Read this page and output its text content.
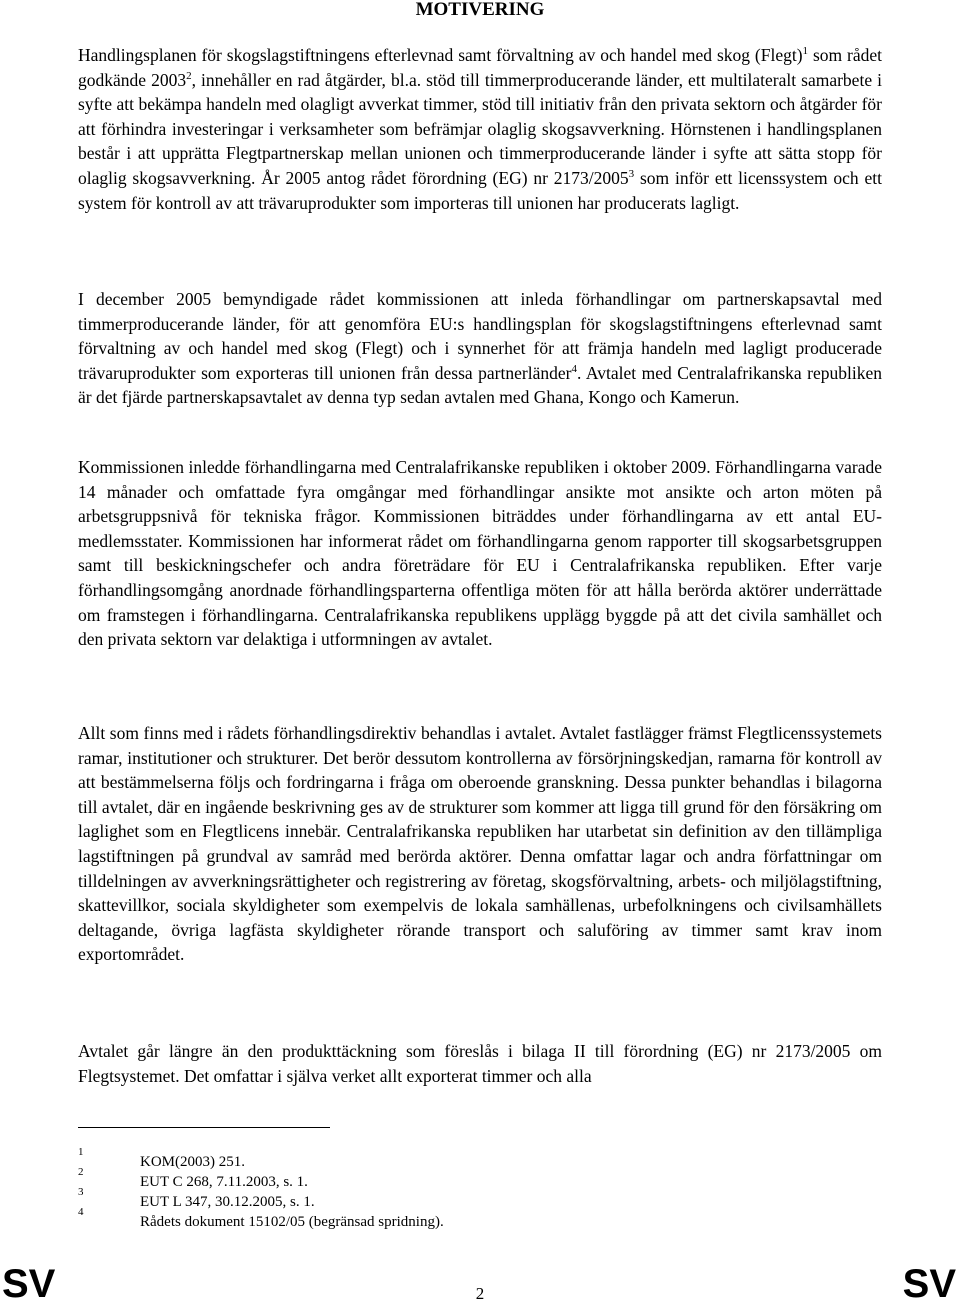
MOTIVERING

Handlingsplanen för skogslagstiftningens efterlevnad samt förvaltning av och handel med skog (Flegt)$^1$ som rådet godkände 2003$^2$, innehåller en rad åtgärder, bl.a. stöd till timmerproducerande länder, ett multilateralt samarbete i syfte att bekämpa handeln med olagligt avverkat timmer, stöd till initiativ från den privata sektorn och åtgärder för att förhindra investeringar i verksamheter som befrämjar olaglig skogsavverkning. Hörnstenen i handlingsplanen består i att upprätta Flegtpartnerskap mellan unionen och timmerproducerande länder i syfte att sätta stopp för olaglig skogsavverkning. År 2005 antog rådet förordning (EG) nr 2173/2005$^3$ som inför ett licenssystem och ett system för kontroll av att trävaruprodukter som importeras till unionen har producerats lagligt.

I december 2005 bemyndigade rådet kommissionen att inleda förhandlingar om partnerskapsavtal med timmerproducerande länder, för att genomföra EU:s handlingsplan för skogslagstiftningens efterlevnad samt förvaltning av och handel med skog (Flegt) och i synnerhet för att främja handeln med lagligt producerade trävaruprodukter som exporteras till unionen från dessa partnerländer$^4$. Avtalet med Centralafrikanska republiken är det fjärde partnerskapsavtalet av denna typ sedan avtalen med Ghana, Kongo och Kamerun.

Kommissionen inledde förhandlingarna med Centralafrikanske republiken i oktober 2009. Förhandlingarna varade 14 månader och omfattade fyra omgångar med förhandlingar ansikte mot ansikte och arton möten på arbetsgruppsnivå för tekniska frågor. Kommissionen biträddes under förhandlingarna av ett antal EU-medlemsstater. Kommissionen har informerat rådet om förhandlingarna genom rapporter till skogsarbetsgruppen samt till beskickningschefer och andra företrädare för EU i Centralafrikanska republiken. Efter varje förhandlingsomgång anordnade förhandlingsparterna offentliga möten för att hålla berörda aktörer underrättade om framstegen i förhandlingarna. Centralafrikanska republikens upplägg byggde på att det civila samhället och den privata sektorn var delaktiga i utformningen av avtalet.

Allt som finns med i rådets förhandlingsdirektiv behandlas i avtalet. Avtalet fastlägger främst Flegtlicenssystemets ramar, institutioner och strukturer. Det berör dessutom kontrollerna av försörjningskedjan, ramarna för kontroll av att bestämmelserna följs och fordringarna i fråga om oberoende granskning. Dessa punkter behandlas i bilagorna till avtalet, där en ingående beskrivning ges av de strukturer som kommer att ligga till grund för den försäkring om laglighet som en Flegtlicens innebär. Centralafrikanska republiken har utarbetat sin definition av den tillämpliga lagstiftningen på grundval av samråd med berörda aktörer. Denna omfattar lagar och andra författningar om tilldelningen av avverkningsrättigheter och registrering av företag, skogsförvaltning, arbets- och miljölagstiftning, skattevillkor, sociala skyldigheter som exempelvis de lokala samhällenas, urbefolkningens och civilsamhällets deltagande, övriga lagfästa skyldigheter rörande transport och saluföring av timmer samt krav inom exportområdet.

Avtalet går längre än den produkttäckning som föreslås i bilaga II till förordning (EG) nr 2173/2005 om Flegtsystemet. Det omfattar i själva verket allt exporterat timmer och alla

1
KOM(2003) 251.
2
EUT C 268, 7.11.2003, s. 1.
3
EUT L 347, 30.12.2005, s. 1.
4
Rådets dokument 15102/05 (begränsad spridning).
SV	2	SV
